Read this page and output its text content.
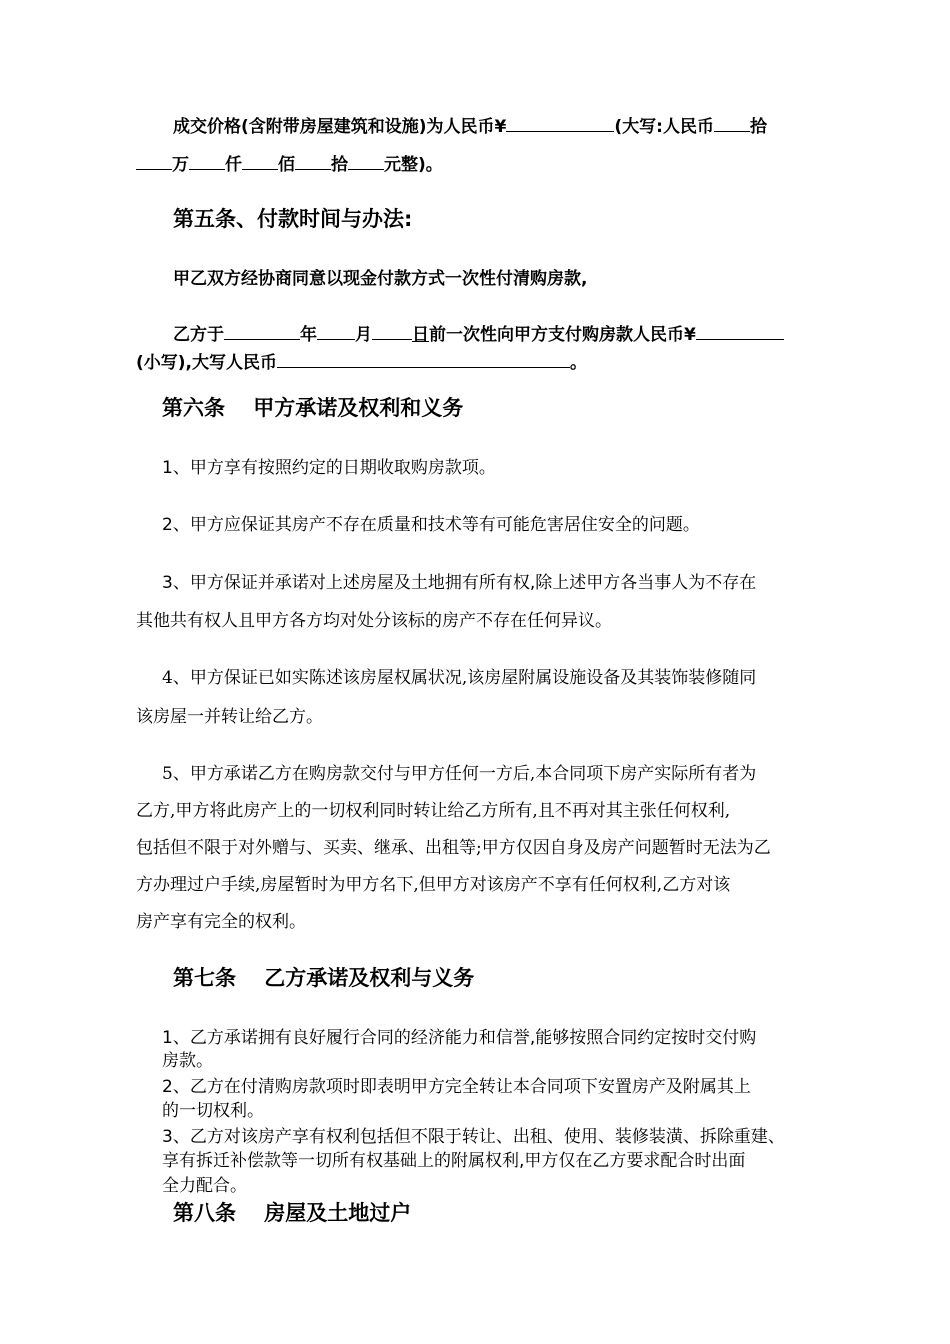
成交价格(含附带房屋建筑和设施)为人民币¥	(大写:人民币 拾
万 仟 佰 拾 元整)。
第五条、付款时间与办法:
甲乙双方经协商同意以现金付款方式一次性付清购房款,
乙方于	年 月 日前一次性向甲方支付购房款人民币¥
(小写),大写人民币	。
第六条　 甲方承诺及权利和义务
1、甲方享有按照约定的日期收取购房款项。
2、甲方应保证其房产不存在质量和技术等有可能危害居住安全的问题。
3、甲方保证并承诺对上述房屋及土地拥有所有权,除上述甲方各当事人为不存在
其他共有权人且甲方各方均对处分该标的房产不存在任何异议。
4、甲方保证已如实陈述该房屋权属状况,该房屋附属设施设备及其装饰装修随同
该房屋一并转让给乙方。
5、甲方承诺乙方在购房款交付与甲方任何一方后,本合同项下房产实际所有者为
乙方,甲方将此房产上的一切权利同时转让给乙方所有,且不再对其主张任何权利,
包括但不限于对外赠与、买卖、继承、出租等;甲方仅因自身及房产问题暂时无法为乙
方办理过户手续,房屋暂时为甲方名下,但甲方对该房产不享有任何权利,乙方对该
房产享有完全的权利。
第七条　 乙方承诺及权利与义务
1、乙方承诺拥有良好履行合同的经济能力和信誉,能够按照合同约定按时交付购
房款。
2、乙方在付清购房款项时即表明甲方完全转让本合同项下安置房产及附属其上
的一切权利。
3、乙方对该房产享有权利包括但不限于转让、出租、使用、装修装潢、拆除重建、
享有拆迁补偿款等一切所有权基础上的附属权利,甲方仅在乙方要求配合时出面
全力配合。
第八条　 房屋及土地过户
